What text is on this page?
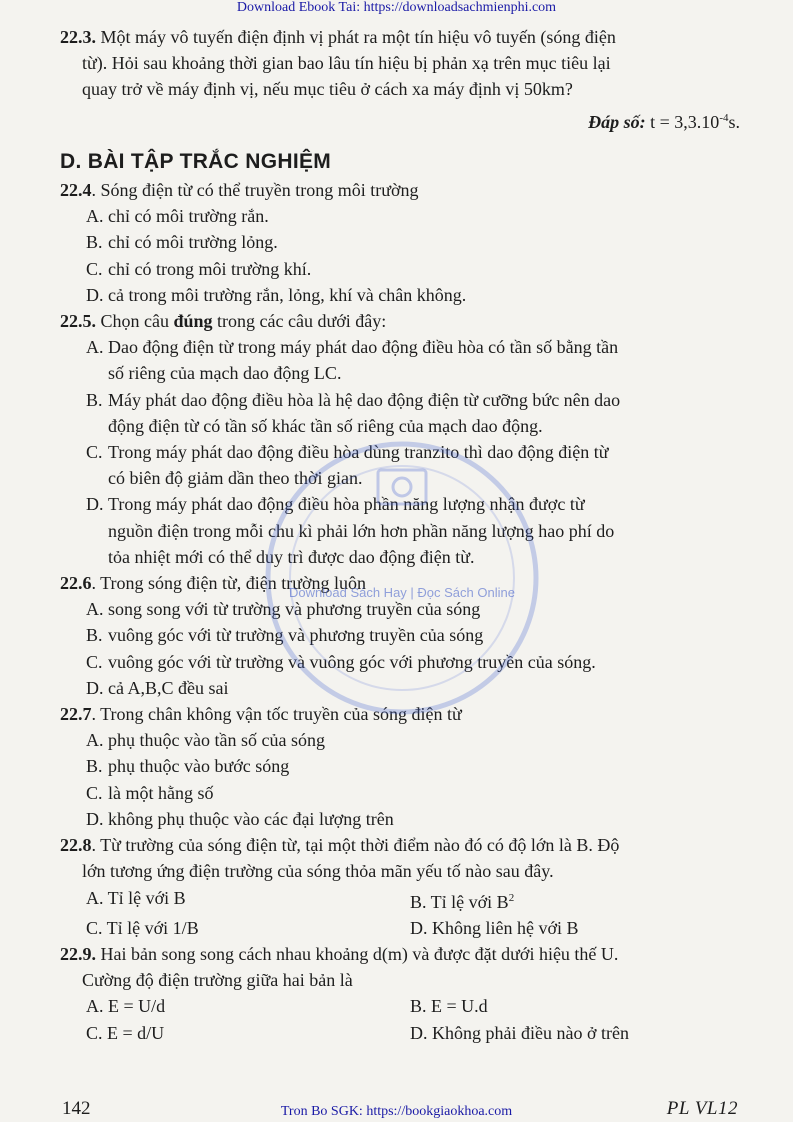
Download Ebook Tai: https://downloadsachmienphi.com

22.3. Một máy vô tuyến điện định vị phát ra một tín hiệu vô tuyến (sóng điện

từ). Hỏi sau khoảng thời gian bao lâu tín hiệu bị phản xạ trên mục tiêu lại

quay trở về máy định vị, nếu mục tiêu ở cách xa máy định vị 50km?

Đáp số: $t = 3,3.10^{-4}s$.

D. BÀI TẬP TRẮC NGHIỆM

22.4. Sóng điện từ có thể truyền trong môi trường

A. chỉ có môi trường rắn.

B. chỉ có môi trường lỏng.

C. chỉ có trong môi trường khí.

D. cả trong môi trường rắn, lỏng, khí và chân không.

22.5. Chọn câu đúng trong các câu dưới đây:

A. Dao động điện từ trong máy phát dao động điều hòa có tần số bằng tần
số riêng của mạch dao động LC.

B. Máy phát dao động điều hòa là hệ dao động điện từ cưỡng bức nên dao
động điện từ có tần số khác tần số riêng của mạch dao động.

C. Trong máy phát dao động điều hòa dùng tranzito thì dao động điện từ
có biên độ giảm dần theo thời gian.

D. Trong máy phát dao động điều hòa phần năng lượng nhận được từ
nguồn điện trong mỗi chu kì phải lớn hơn phần năng lượng hao phí do
tỏa nhiệt mới có thể duy trì được dao động điện từ.

22.6. Trong sóng điện từ, điện trường luôn

A. song song với từ trường và phương truyền của sóng

B. vuông góc với từ trường và phương truyền của sóng

C. vuông góc với từ trường và vuông góc với phương truyền của sóng.

D. cả A,B,C đều sai

22.7. Trong chân không vận tốc truyền của sóng điện từ

A. phụ thuộc vào tần số của sóng

B. phụ thuộc vào bước sóng

C. là một hằng số

D. không phụ thuộc vào các đại lượng trên

22.8. Từ trường của sóng điện từ, tại một thời điểm nào đó có độ lớn là B. Độ

lớn tương ứng điện trường của sóng thỏa mãn yếu tố nào sau đây.

A. Tỉ lệ với B	B. Tỉ lệ với $B^2$
C. Tỉ lệ với 1/B	D. Không liên hệ với B

22.9. Hai bản song song cách nhau khoảng d(m) và được đặt dưới hiệu thế U.

Cường độ điện trường giữa hai bản là

A. E = U/d	B. E = U.d
C. E = d/U	D. Không phải điều nào ở trên
Download Sách Hay | Đọc Sách Online
142	Tron Bo SGK: https://bookgiaokhoa.com	PL VL12
